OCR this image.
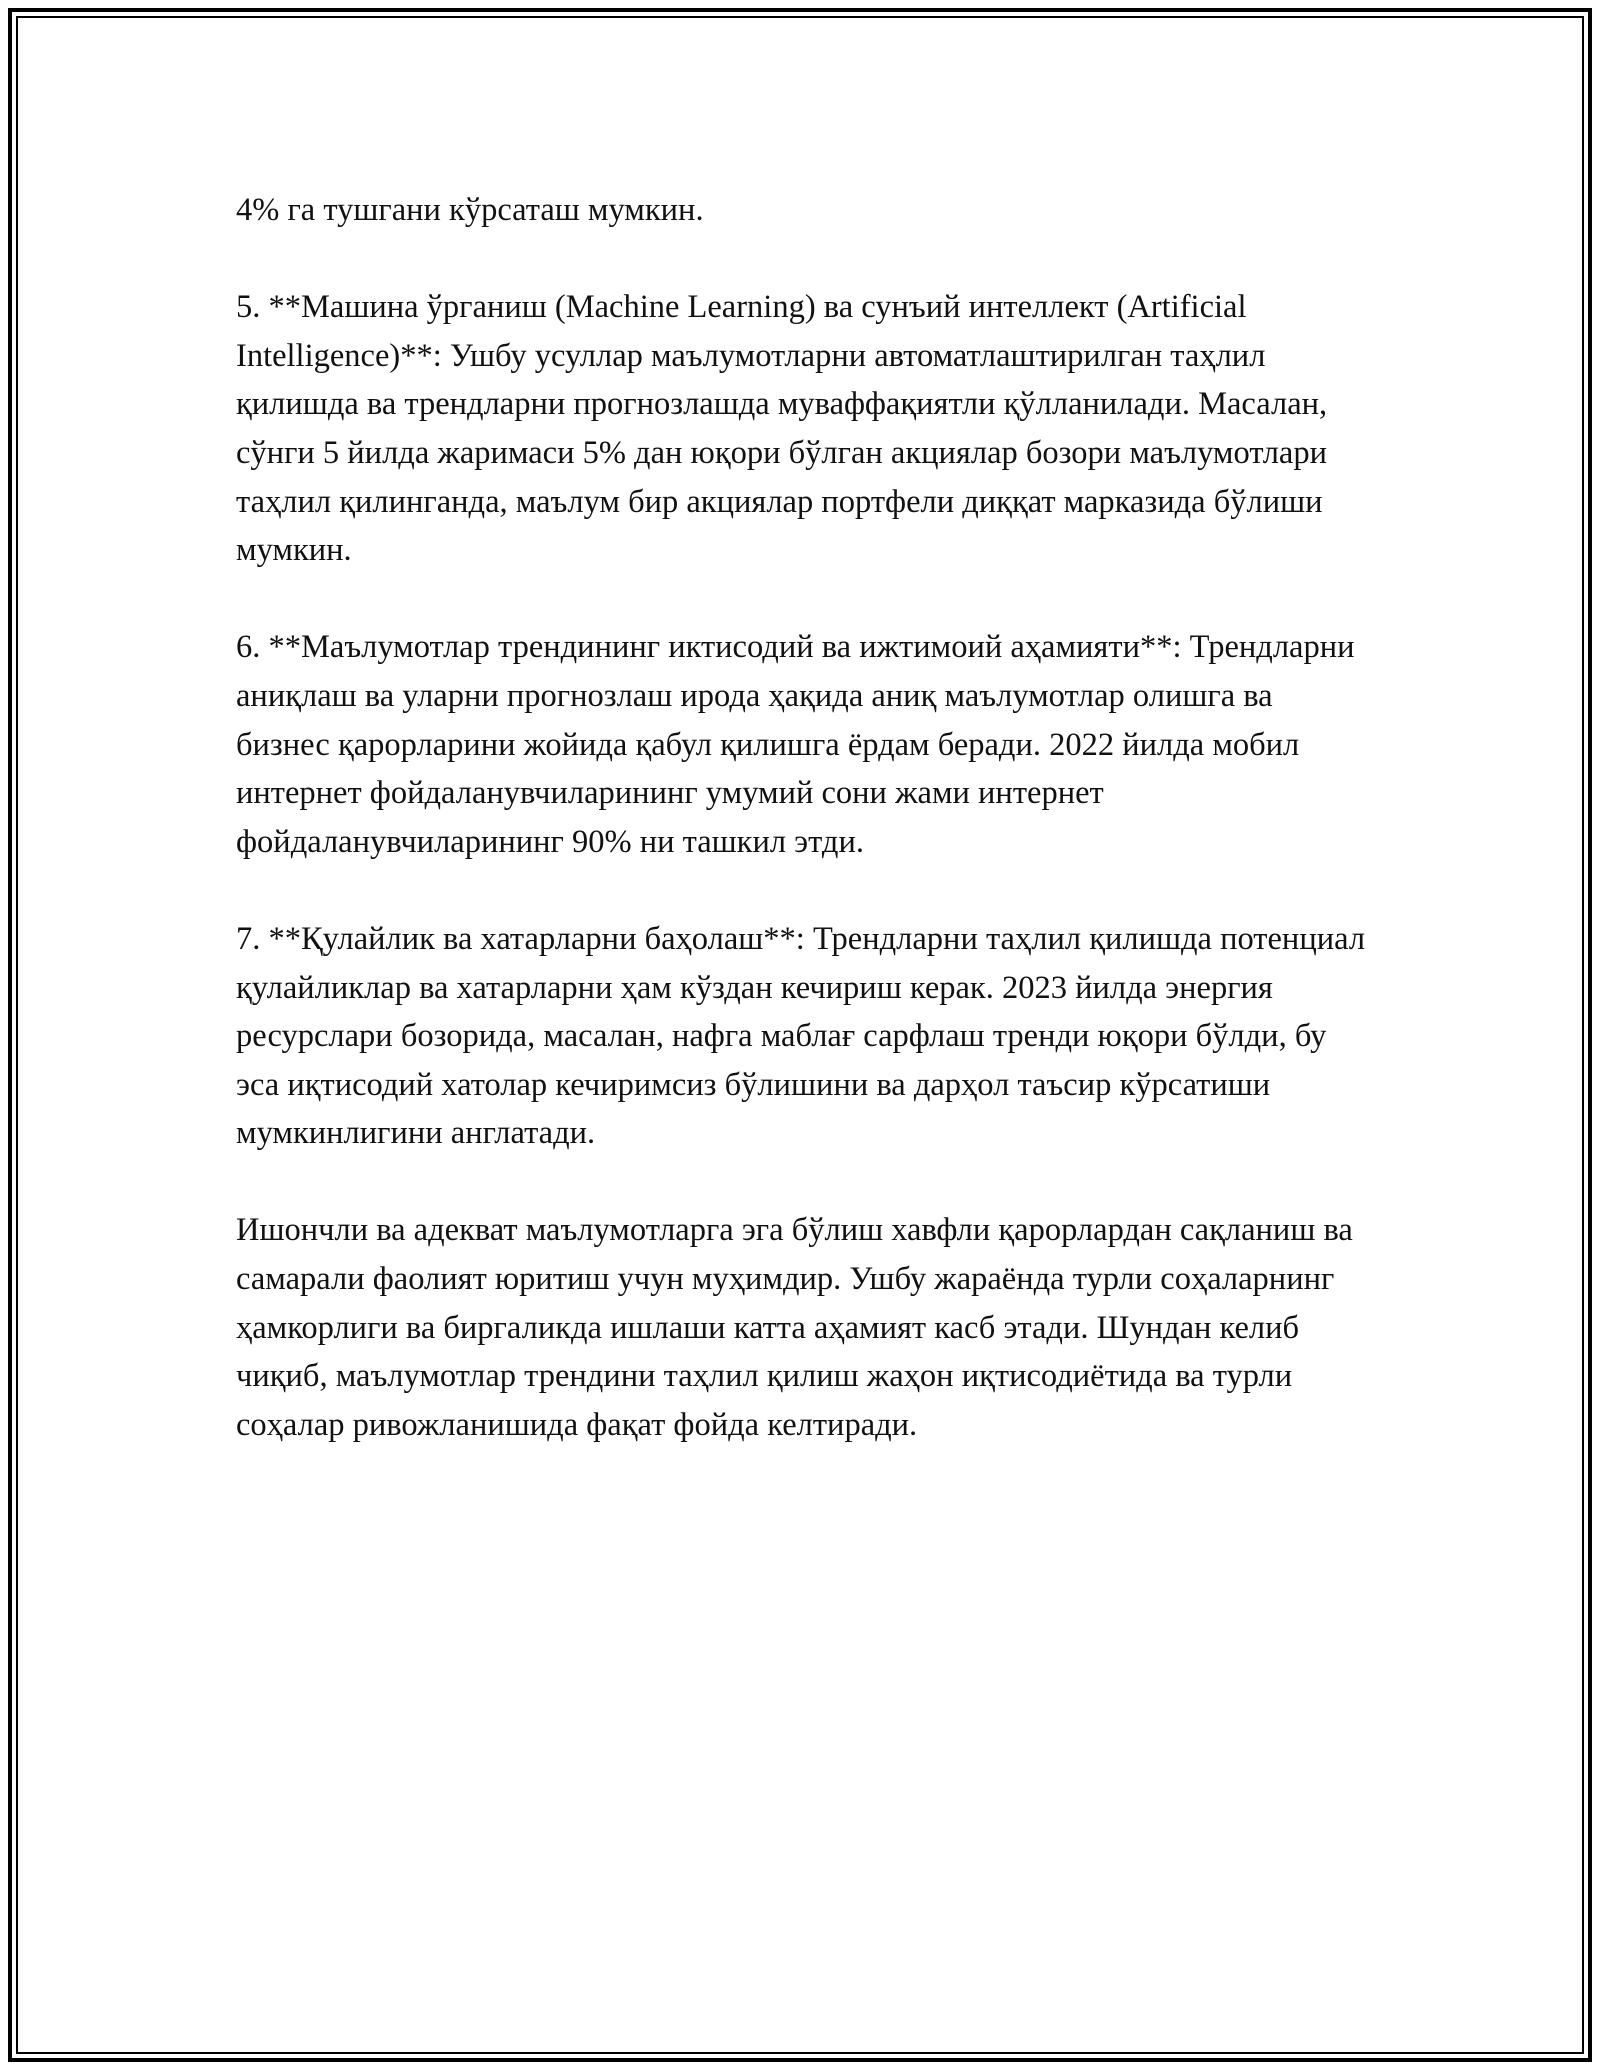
4% га тушгани кўрсаташ мумкин.

5. **Машина ўрганиш (Machine Learning) ва сунъий интеллект (Artificial Intelligence)**: Ушбу усуллар маълумотларни автоматлаштирилган таҳлил қилишда ва трендларни прогнозлашда муваффақиятли қўлланилади. Масалан, сўнги 5 йилда жаримаси 5% дан юқори бўлган акциялар бозори маълумотлари таҳлил қилинганда, маълум бир акциялар портфели диққат марказида бўлиши мумкин.

6. **Маълумотлар трендининг иктисодий ва ижтимоий аҳамияти**: Трендларни аниқлаш ва уларни прогнозлаш ирода ҳақида аниқ маълумотлар олишга ва бизнес қарорларини жойида қабул қилишга ёрдам беради. 2022 йилда мобил интернет фойдаланувчиларининг умумий сони жами интернет фойдаланувчиларининг 90% ни ташкил этди.

7. **Қулайлик ва хатарларни баҳолаш**: Трендларни таҳлил қилишда потенциал қулайликлар ва хатарларни ҳам кўздан кечириш керак. 2023 йилда энергия ресурслари бозорида, масалан, нафга маблағ сарфлаш тренди юқори бўлди, бу эса иқтисодий хатолар кечиримсиз бўлишини ва дарҳол таъсир кўрсатиши мумкинлигини англатади.

Ишончли ва адекват маълумотларга эга бўлиш хавфли қарорлардан сақланиш ва самарали фаолият юритиш учун муҳимдир. Ушбу жараёнда турли соҳаларнинг ҳамкорлиги ва биргаликда ишлаши катта аҳамият касб этади. Шундан келиб чиқиб, маълумотлар трендини таҳлил қилиш жаҳон иқтисодиётида ва турли соҳалар ривожланишида фақат фойда келтиради.
